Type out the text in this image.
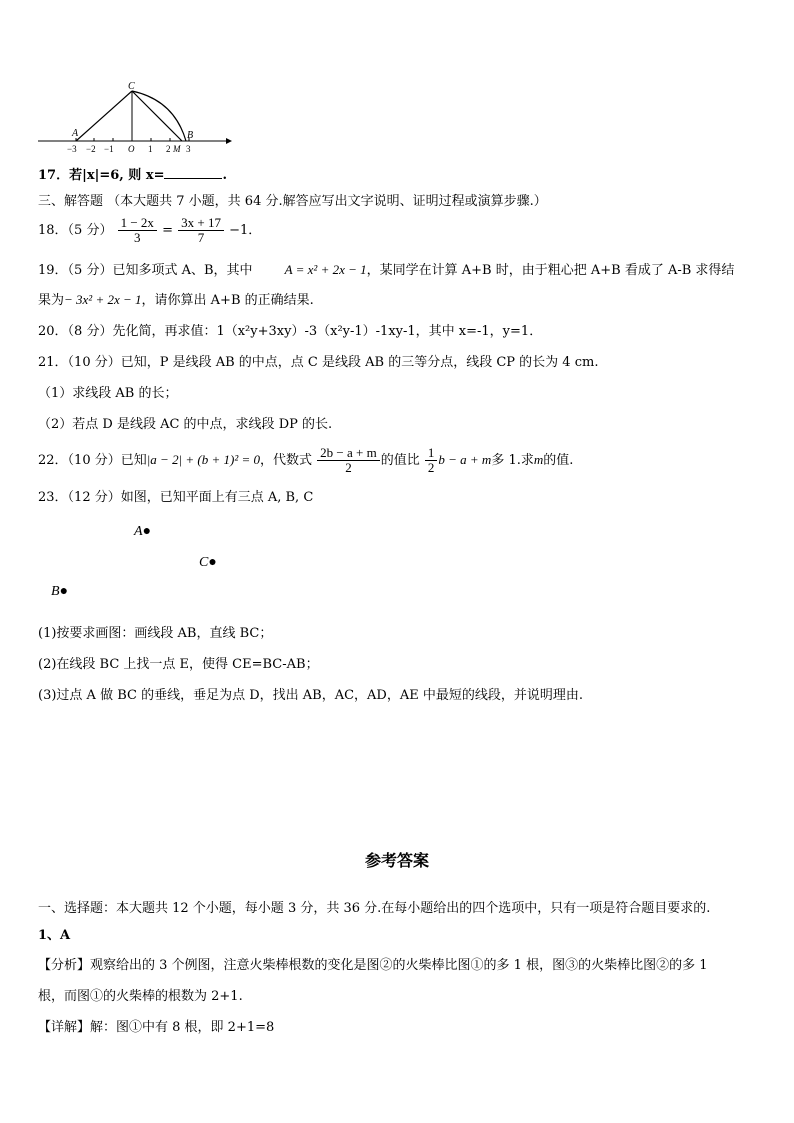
C
A	B
−3 −2 −1 O 1 2 M 3
17．若|x|=6, 则 x=	.
三、解答题 （本大题共 7 小题，共 64 分.解答应写出文字说明、证明过程或演算步骤.）
18．（5 分） $\frac{1 - 2x}{3} = \frac{3x + 17}{7} -1$．
19．（5 分）已知多项式 A、B，其中 A = x² + 2x − 1，某同学在计算 A+B 时，由于粗心把 A+B 看成了 A-B 求得结
果为− 3x² + 2x − 1，请你算出 A+B 的正确结果.
20．（8 分）先化简，再求值：1（x²y+3xy）-3（x²y-1）-1xy-1，其中 x=-1，y=1．
21．（10 分）已知，P 是线段 AB 的中点，点 C 是线段 AB 的三等分点，线段 CP 的长为 4 cm.
（1）求线段 AB 的长；
（2）若点 D 是线段 AC 的中点，求线段 DP 的长.
22．（10 分）已知|a − 2| + (b + 1)² = 0，代数式 $\frac{2b - a + m}{2}$ 的值比 $\frac{1}{2}$ b − a + m多 1.求m的值.
23．（12 分）如图，已知平面上有三点 A, B, C
A●
C●
B●
(1)按要求画图：画线段 AB，直线 BC；
(2)在线段 BC 上找一点 E，使得 CE=BC-AB；
(3)过点 A 做 BC 的垂线，垂足为点 D，找出 AB，AC，AD，AE 中最短的线段，并说明理由.
参考答案
一、选择题：本大题共 12 个小题，每小题 3 分，共 36 分.在每小题给出的四个选项中，只有一项是符合题目要求的.
1、A
【分析】观察给出的 3 个例图，注意火柴棒根数的变化是图②的火柴棒比图①的多 1 根，图③的火柴棒比图②的多 1
根，而图①的火柴棒的根数为 2+1.
【详解】解：图①中有 8 根，即 2+1=8
